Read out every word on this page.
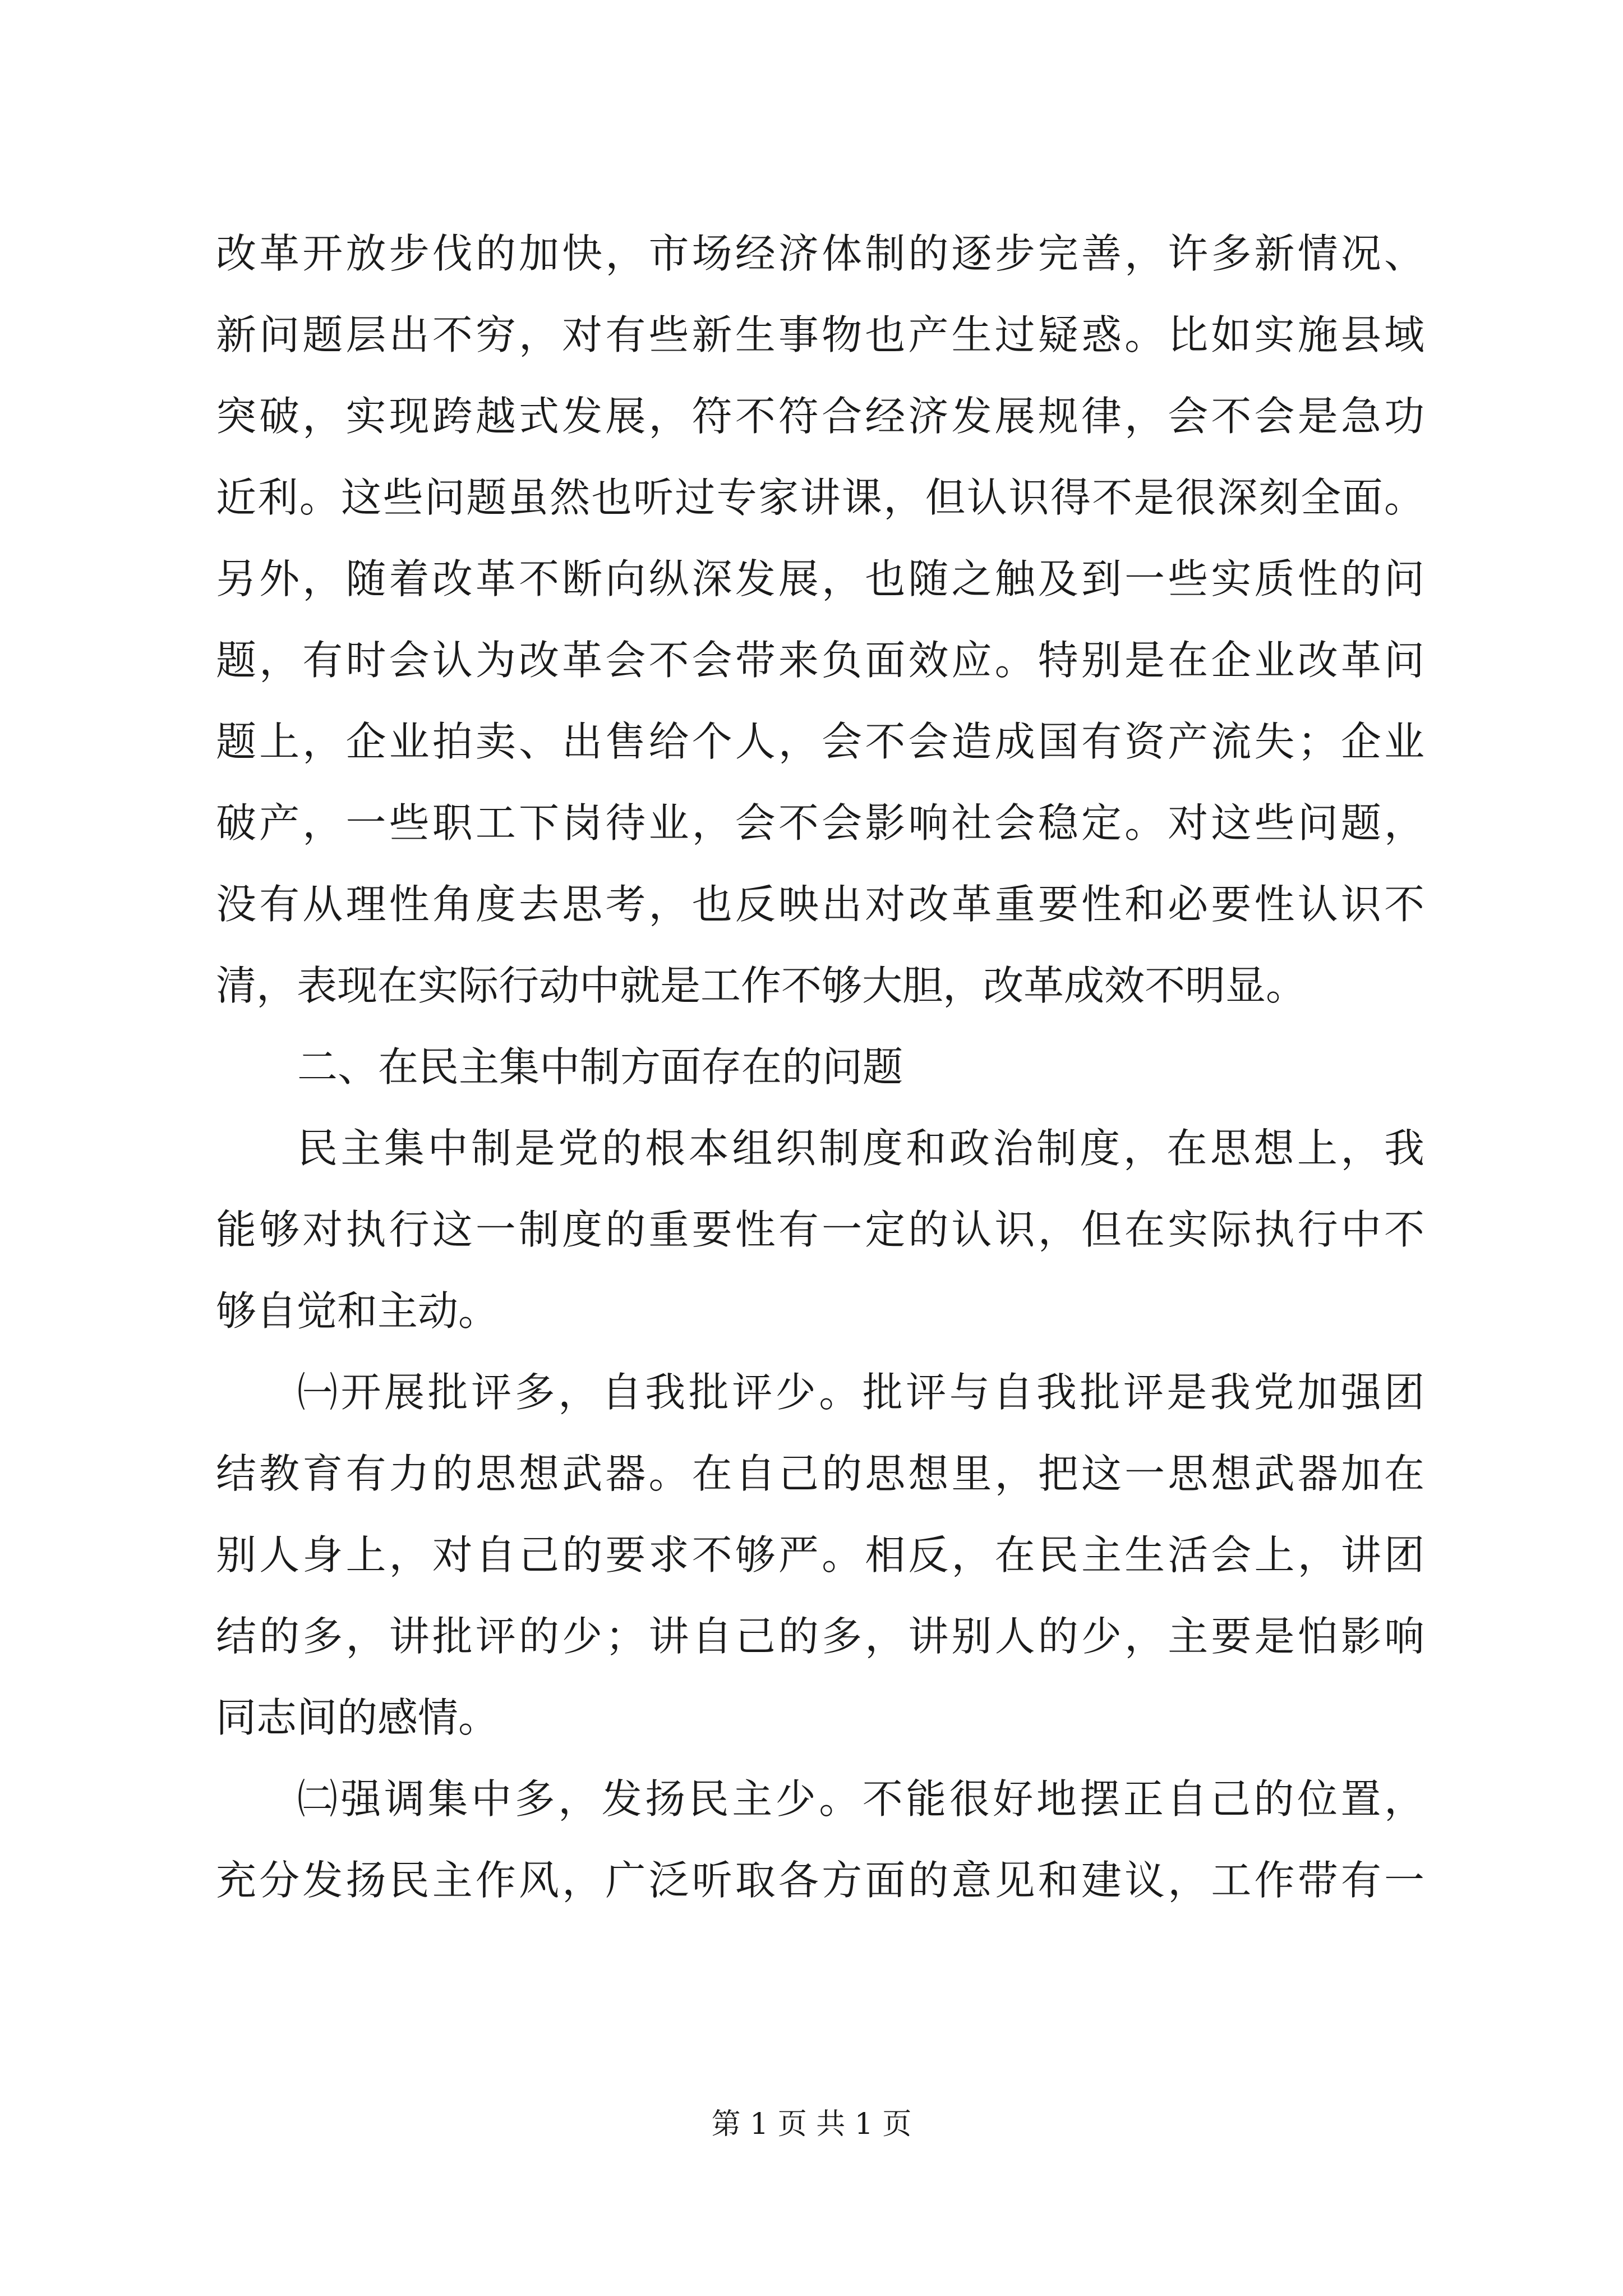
改革开放步伐的加快，市场经济体制的逐步完善，许多新情况、
新问题层出不穷，对有些新生事物也产生过疑惑。比如实施县域
突破，实现跨越式发展，符不符合经济发展规律，会不会是急功
近利。这些问题虽然也听过专家讲课，但认识得不是很深刻全面。
另外，随着改革不断向纵深发展，也随之触及到一些实质性的问
题，有时会认为改革会不会带来负面效应。特别是在企业改革问
题上，企业拍卖、出售给个人，会不会造成国有资产流失；企业
破产，一些职工下岗待业，会不会影响社会稳定。对这些问题，
没有从理性角度去思考，也反映出对改革重要性和必要性认识不
清，表现在实际行动中就是工作不够大胆，改革成效不明显。
二、在民主集中制方面存在的问题
民主集中制是党的根本组织制度和政治制度，在思想上，我
能够对执行这一制度的重要性有一定的认识，但在实际执行中不
够自觉和主动。
㈠开展批评多，自我批评少。批评与自我批评是我党加强团
结教育有力的思想武器。在自己的思想里，把这一思想武器加在
别人身上，对自己的要求不够严。相反，在民主生活会上，讲团
结的多，讲批评的少；讲自己的多，讲别人的少，主要是怕影响
同志间的感情。
㈡强调集中多，发扬民主少。不能很好地摆正自己的位置，
充分发扬民主作风，广泛听取各方面的意见和建议，工作带有一
第 1 页 共 1 页
